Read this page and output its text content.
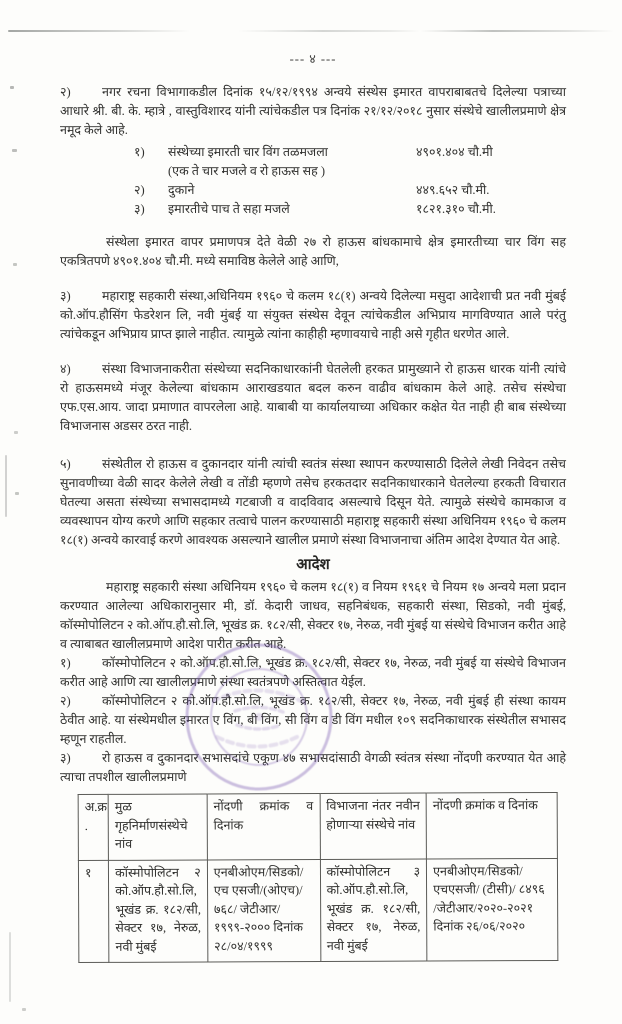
--- ४ ---

२)	नगर रचना विभागाकडील दिनांक १५/१२/१९९४ अन्वये संस्थेस इमारत वापराबाबतचे दिलेल्या पत्राच्या आधारे श्री. बी. के. म्हात्रे , वास्तुविशारद यांनी त्यांचेकडील पत्र दिनांक २१/१२/२०१८ नुसार संस्थेचे खालीलप्रमाणे क्षेत्र नमूद केले आहे.

१)	संस्थेच्या इमारती चार विंग तळमजला	४९०१.४०४ चौ.मी
(एक ते चार मजले व रो हाऊस सह )
२)	दुकाने	४४९.६५२ चौ.मी.
३)	इमारतीचे पाच ते सहा मजले	१८२१.३१० चौ.मी.

संस्थेला इमारत वापर प्रमाणपत्र देते वेळी २७ रो हाऊस बांधकामाचे क्षेत्र इमारतीच्या चार विंग सह एकत्रितपणे ४९०१.४०४ चौ.मी. मध्ये समाविष्ठ केलेले आहे आणि,

३)	महाराष्ट्र सहकारी संस्था,अधिनियम १९६० चे कलम १८(१) अन्वये दिलेल्या मसुदा आदेशाची प्रत नवी मुंबई को.ऑप.हौसिंग फेडरेशन लि, नवी मुंबई या संयुक्त संस्थेस देवून त्यांचेकडील अभिप्राय मागविण्यात आले परंतु त्यांचेकडून अभिप्राय प्राप्त झाले नाहीत. त्यामुळे त्यांना काहीही म्हणावयाचे नाही असे गृहीत धरणेत आले.

४)	संस्था विभाजनाकरीता संस्थेच्या सदनिकाधारकांनी घेतलेली हरकत प्रामुख्याने रो हाऊस धारक यांनी त्यांचे रो हाऊसमध्ये मंजूर केलेल्या बांधकाम आराखडयात बदल करुन वाढीव बांधकाम केले आहे. तसेच संस्थेचा एफ.एस.आय. जादा प्रमाणात वापरलेला आहे. याबाबी या कार्यालयाच्या अधिकार कक्षेत येत नाही ही बाब संस्थेच्या विभाजनास अडसर ठरत नाही.

५)	संस्थेतील रो हाऊस व दुकानदार यांनी त्यांची स्वतंत्र संस्था स्थापन करण्यासाठी दिलेले लेखी निवेदन तसेच सुनावणीच्या वेळी सादर केलेले लेखी व तोंडी म्हणणे तसेच हरकतदार सदनिकाधारकाने घेतलेल्या हरकती विचारात घेतल्या असता संस्थेच्या सभासदामध्ये गटबाजी व वादविवाद असल्याचे दिसून येते. त्यामुळे संस्थेचे कामकाज व व्यवस्थापन योग्य करणे आणि सहकार तत्वाचे पालन करण्यासाठी महाराष्ट्र सहकारी संस्था अधिनियम १९६० चे कलम १८(१) अन्वये कारवाई करणे आवश्यक असल्याने खालील प्रमाणे संस्था विभाजनाचा अंतिम आदेश देण्यात येत आहे.

आदेश

महाराष्ट्र सहकारी संस्था अधिनियम १९६० चे कलम १८(१) व नियम १९६१ चे नियम १७ अन्वये मला प्रदान करण्यात आलेल्या अधिकारानुसार मी, डॉ. केदारी जाधव, सहनिबंधक, सहकारी संस्था, सिडको, नवी मुंबई, कॉस्मोपोलिटन २ को.ऑप.हौ.सो.लि, भूखंड क्र. १८२/सी, सेक्टर १७, नेरुळ, नवी मुंबई या संस्थेचे विभाजन करीत आहे व त्याबाबत खालीलप्रमाणे आदेश पारीत करीत आहे.

१)	कॉस्मोपोलिटन २ को.ऑप.हौ.सो.लि, भूखंड क्र. १८२/सी, सेक्टर १७, नेरुळ, नवी मुंबई या संस्थेचे विभाजन करीत आहे आणि त्या खालीलप्रमाणे संस्था स्वतंत्रपणे अस्तित्वात येईल.

२)	कॉस्मोपोलिटन २ को.ऑप.हौ.सो.लि, भूखंड क्र. १८२/सी, सेक्टर १७, नेरुळ, नवी मुंबई ही संस्था कायम ठेवीत आहे. या संस्थेमधील इमारत ए विंग, बी विंग, सी विंग व डी विंग मधील १०९ सदनिकाधारक संस्थेतील सभासद म्हणून राहतील.

३)	रो हाऊस व दुकानदार सभासदांचे एकूण ४७ सभासदांसाठी वेगळी स्वंतत्र संस्था नोंदणी करण्यात येत आहे त्याचा तपशील खालीलप्रमाणे

अ.क्र .	मुळ गृहनिर्माणसंस्थेचे नांव	नोंदणी क्रमांक व दिनांक	विभाजना नंतर नवीन होणाऱ्या संस्थेचे नांव	नोंदणी क्रमांक व दिनांक
१	कॉस्मोपोलिटन २ को.ऑप.हौ.सो.लि, भूखंड क्र. १८२/सी, सेक्टर १७, नेरुळ, नवी मुंबई	एनबीओएम/सिडको/एच एसजी/(ओएच)/७६८/ जेटीआर/१९९९-२००० दिनांक २८/०४/१९९९	कॉस्मोपोलिटन ३ को.ऑप.हौ.सो.लि, भूखंड क्र. १८२/सी, सेक्टर १७, नेरुळ, नवी मुंबई	एनबीओएम/सिडको/एचएसजी/ (टीसी)/ ८४९६ /जेटीआर/२०२०-२०२१ दिनांक २६/०६/२०२०
